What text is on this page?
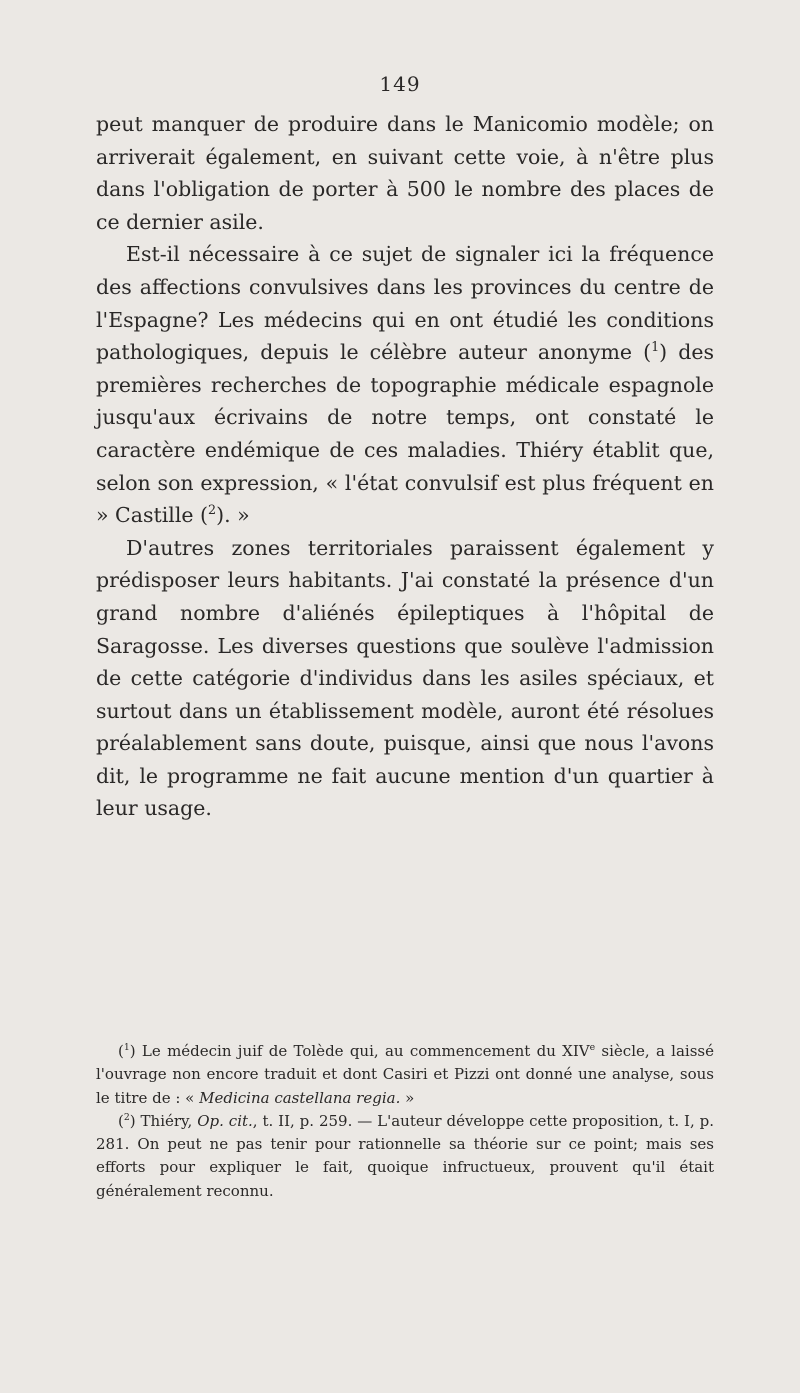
149

peut manquer de produire dans le Manicomio modèle; on arriverait également, en suivant cette voie, à n'être plus dans l'obligation de porter à 500 le nombre des places de ce dernier asile.

Est-il nécessaire à ce sujet de signaler ici la fréquence des affections convulsives dans les provinces du centre de l'Espagne? Les médecins qui en ont étudié les conditions pathologiques, depuis le célèbre auteur anonyme ($^1$) des premières recherches de topographie médicale espagnole jusqu'aux écrivains de notre temps, ont constaté le caractère endémique de ces maladies. Thiéry établit que, selon son expression, « l'état convulsif est plus fréquent en » Castille ($^2$). »

D'autres zones territoriales paraissent également y prédisposer leurs habitants. J'ai constaté la présence d'un grand nombre d'aliénés épileptiques à l'hôpital de Saragosse. Les diverses questions que soulève l'admission de cette catégorie d'individus dans les asiles spéciaux, et surtout dans un établissement modèle, auront été résolues préalablement sans doute, puisque, ainsi que nous l'avons dit, le programme ne fait aucune mention d'un quartier à leur usage.

($^1$) Le médecin juif de Tolède qui, au commencement du XIVe siècle, a laissé l'ouvrage non encore traduit et dont Casiri et Pizzi ont donné une analyse, sous le titre de : « Medicina castellana regia. »

($^2$) Thiéry, Op. cit., t. II, p. 259. — L'auteur développe cette proposition, t. I, p. 281. On peut ne pas tenir pour rationnelle sa théorie sur ce point; mais ses efforts pour expliquer le fait, quoique infructueux, prouvent qu'il était généralement reconnu.
